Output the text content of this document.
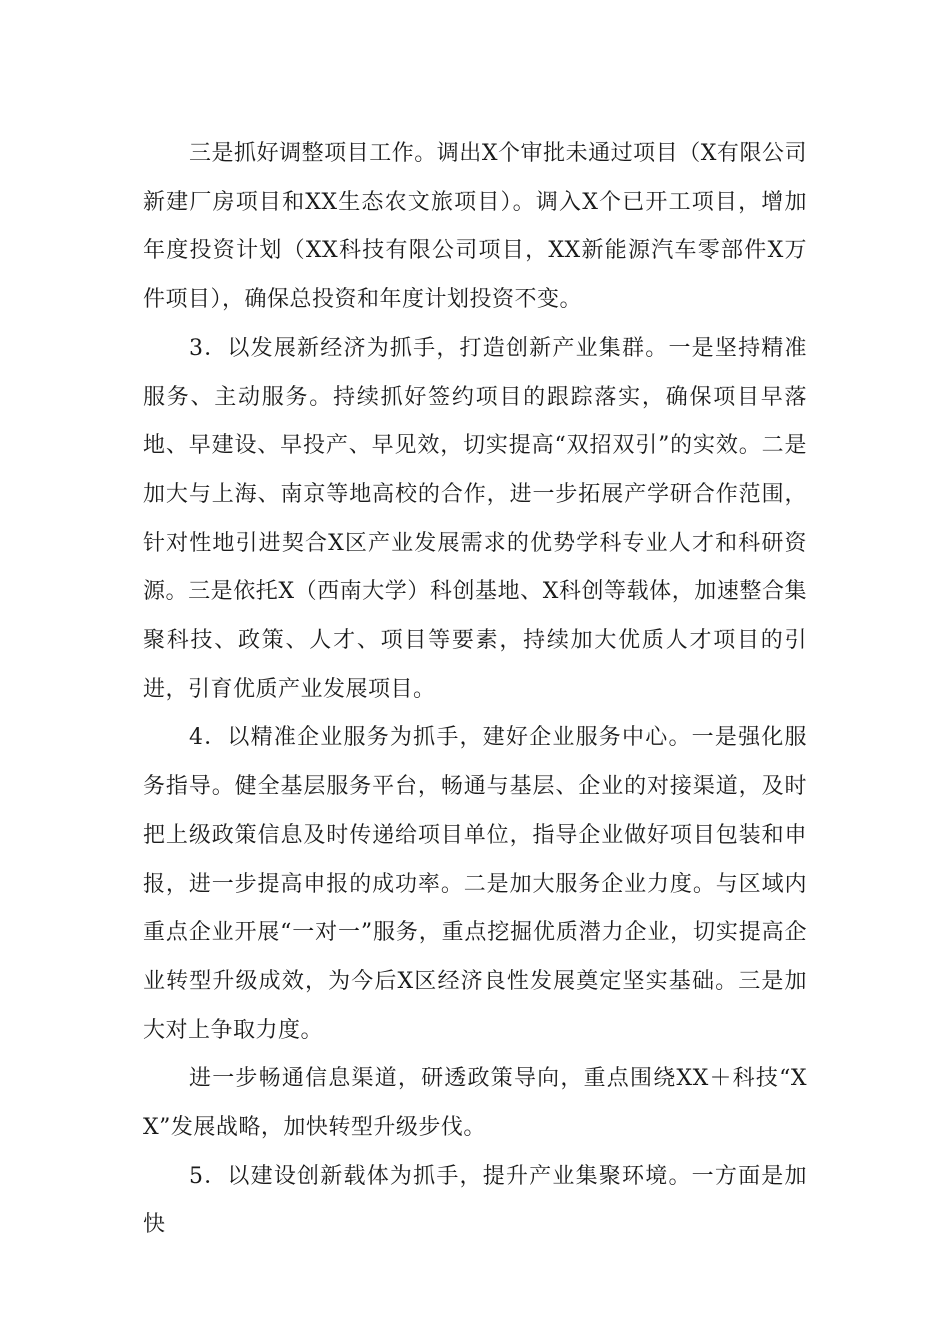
三是抓好调整项目工作。调出X个审批未通过项目（X有限公司新建厂房项目和XX生态农文旅项目）。调入X个已开工项目，增加年度投资计划（XX科技有限公司项目，XX新能源汽车零部件X万件项目），确保总投资和年度计划投资不变。

3．以发展新经济为抓手，打造创新产业集群。一是坚持精准服务、主动服务。持续抓好签约项目的跟踪落实，确保项目早落地、早建设、早投产、早见效，切实提高“双招双引”的实效。二是加大与上海、南京等地高校的合作，进一步拓展产学研合作范围，针对性地引进契合X区产业发展需求的优势学科专业人才和科研资源。三是依托X（西南大学）科创基地、X科创等载体，加速整合集聚科技、政策、人才、项目等要素，持续加大优质人才项目的引进，引育优质产业发展项目。

4．以精准企业服务为抓手，建好企业服务中心。一是强化服务指导。健全基层服务平台，畅通与基层、企业的对接渠道，及时把上级政策信息及时传递给项目单位，指导企业做好项目包装和申报，进一步提高申报的成功率。二是加大服务企业力度。与区域内重点企业开展“一对一”服务，重点挖掘优质潜力企业，切实提高企业转型升级成效，为今后X区经济良性发展奠定坚实基础。三是加大对上争取力度。

进一步畅通信息渠道，研透政策导向，重点围绕XX＋科技“XX”发展战略，加快转型升级步伐。

5．以建设创新载体为抓手，提升产业集聚环境。一方面是加快
